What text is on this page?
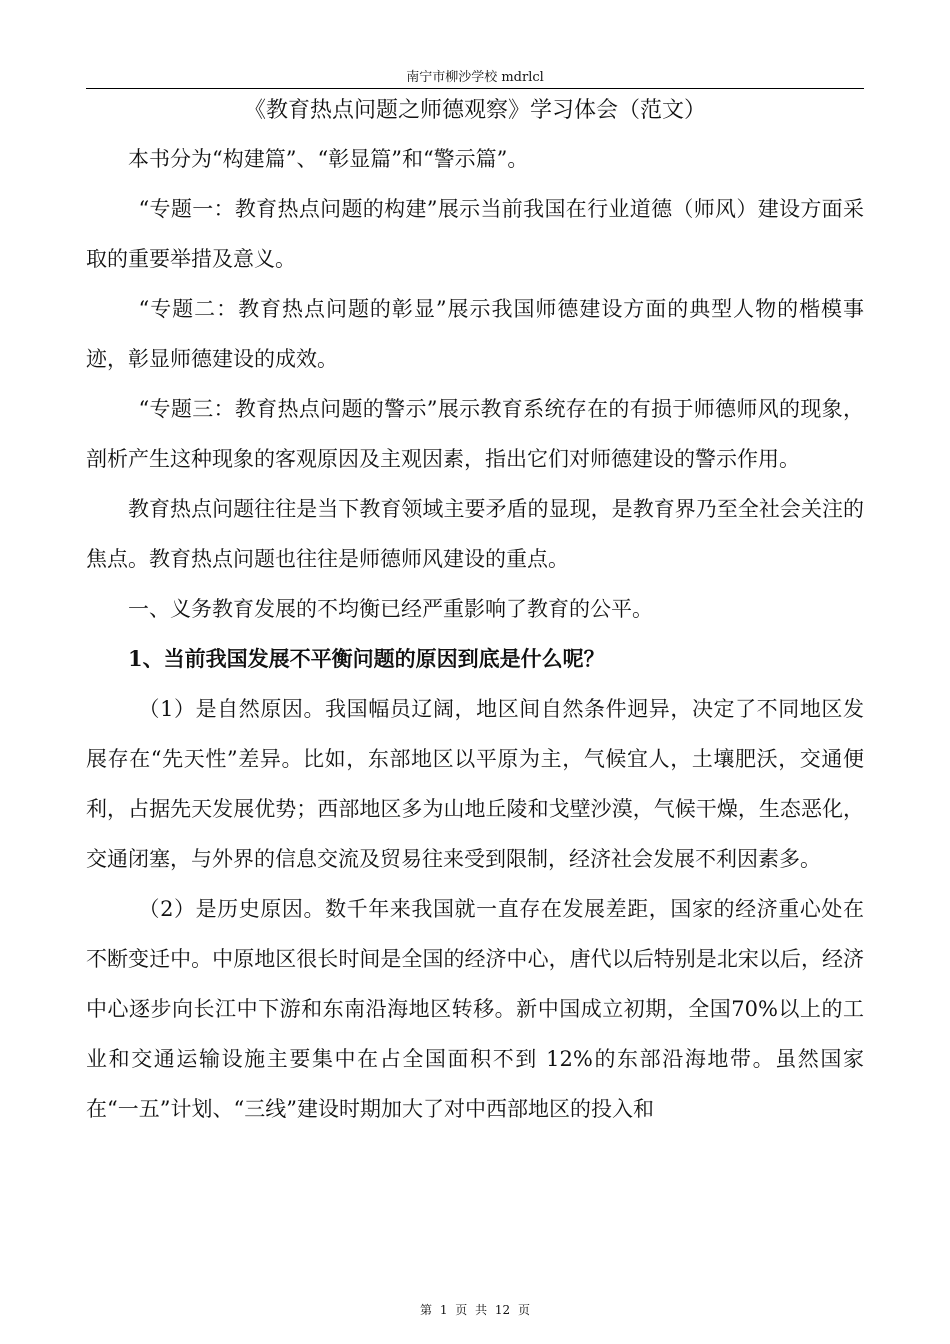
南宁市柳沙学校 mdrlcl
《教育热点问题之师德观察》学习体会（范文）

本书分为“构建篇”、“彰显篇”和“警示篇”。

“专题一：教育热点问题的构建”展示当前我国在行业道德（师风）建设方面采取的重要举措及意义。

“专题二：教育热点问题的彰显”展示我国师德建设方面的典型人物的楷模事迹，彰显师德建设的成效。

“专题三：教育热点问题的警示”展示教育系统存在的有损于师德师风的现象，剖析产生这种现象的客观原因及主观因素，指出它们对师德建设的警示作用。

教育热点问题往往是当下教育领域主要矛盾的显现，是教育界乃至全社会关注的焦点。教育热点问题也往往是师德师风建设的重点。

一、义务教育发展的不均衡已经严重影响了教育的公平。

1、当前我国发展不平衡问题的原因到底是什么呢？

（1）是自然原因。我国幅员辽阔，地区间自然条件迥异，决定了不同地区发展存在“先天性”差异。比如，东部地区以平原为主，气候宜人，土壤肥沃，交通便利，占据先天发展优势；西部地区多为山地丘陵和戈壁沙漠，气候干燥，生态恶化，交通闭塞，与外界的信息交流及贸易往来受到限制，经济社会发展不利因素多。

（2）是历史原因。数千年来我国就一直存在发展差距，国家的经济重心处在不断变迁中。中原地区很长时间是全国的经济中心，唐代以后特别是北宋以后，经济中心逐步向长江中下游和东南沿海地区转移。新中国成立初期，全国70%以上的工业和交通运输设施主要集中在占全国面积不到 12%的东部沿海地带。虽然国家在“一五”计划、“三线”建设时期加大了对中西部地区的投入和

第 1 页 共 12 页
